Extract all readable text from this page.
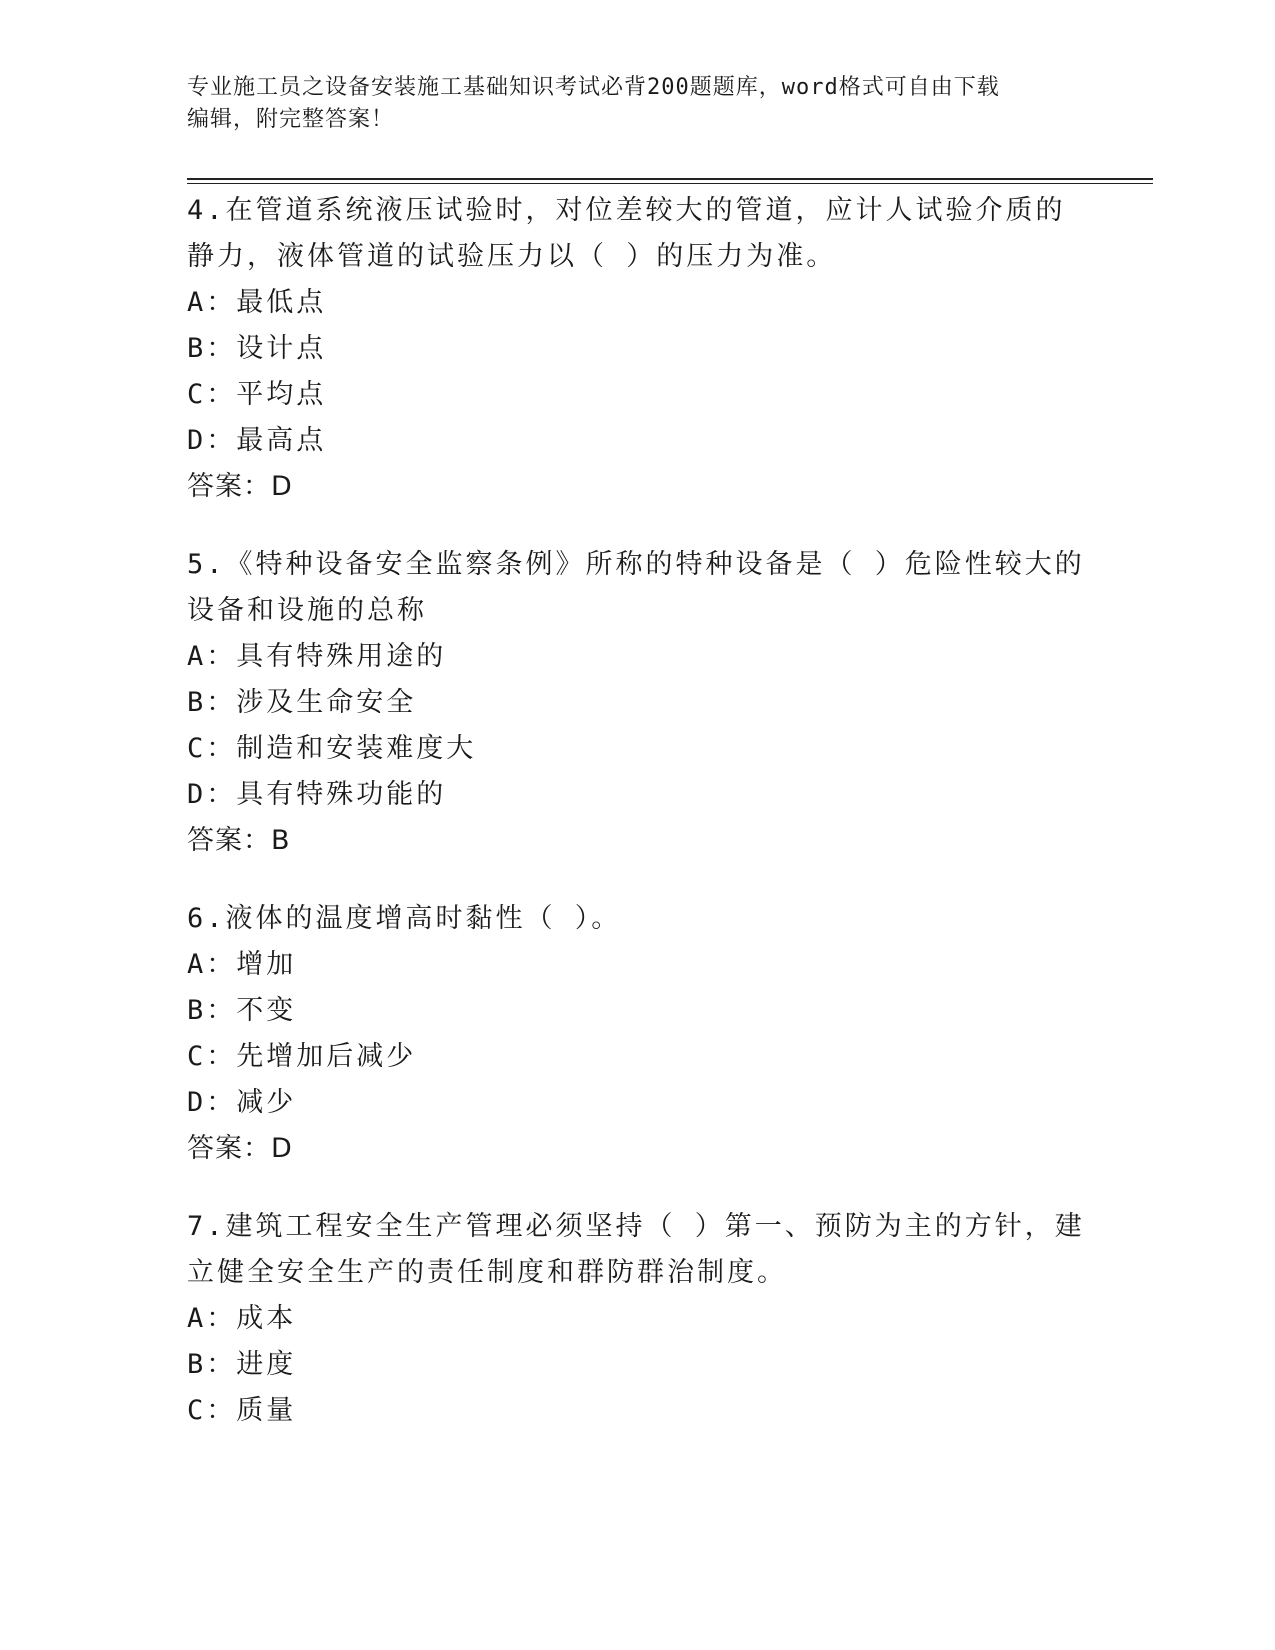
专业施工员之设备安装施工基础知识考试必背200题题库，word格式可自由下载
编辑，附完整答案！

4.在管道系统液压试验时，对位差较大的管道，应计人试验介质的静力，液体管道的试验压力以（ ）的压力为准。

A：最低点

B：设计点

C：平均点

D：最高点

答案：D

5.《特种设备安全监察条例》所称的特种设备是（ ）危险性较大的设备和设施的总称

A：具有特殊用途的

B：涉及生命安全

C：制造和安装难度大

D：具有特殊功能的

答案：B

6.液体的温度增高时黏性（ ）。

A：增加

B：不变

C：先增加后减少

D：减少

答案：D

7.建筑工程安全生产管理必须坚持（ ）第一、预防为主的方针，建立健全安全生产的责任制度和群防群治制度。

A：成本

B：进度

C：质量
